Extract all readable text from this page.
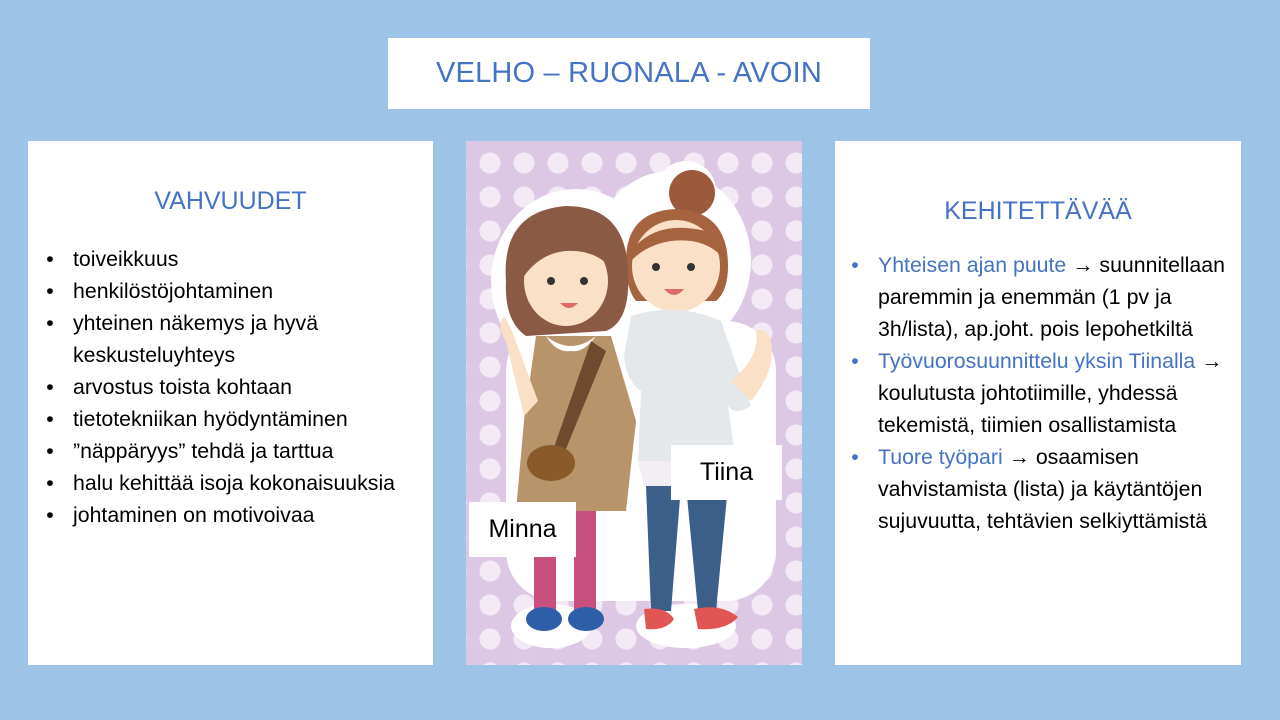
VELHO – RUONALA - AVOIN
VAHVUUDET
• toiveikkuus
• henkilöstöjohtaminen
• yhteinen näkemys ja hyvä keskusteluyhteys
• arvostus toista kohtaan
• tietotekniikan hyödyntäminen
• ”näppäryys” tehdä ja tarttua
• halu kehittää isoja kokonaisuuksia
• johtaminen on motivoivaa	Minna
Tiina
KEHITETTÄVÄÄ
• Yhteisen ajan puute → suunnitellaan paremmin ja enemmän (1 pv ja 3h/lista), ap.joht. pois lepohetkiltä
• Työvuorosuunnittelu yksin Tiinalla → koulutusta johtotiimille, yhdessä tekemistä, tiimien osallistamista
• Tuore työpari → osaamisen vahvistamista (lista) ja käytäntöjen sujuvuutta, tehtävien selkiyttämistä
